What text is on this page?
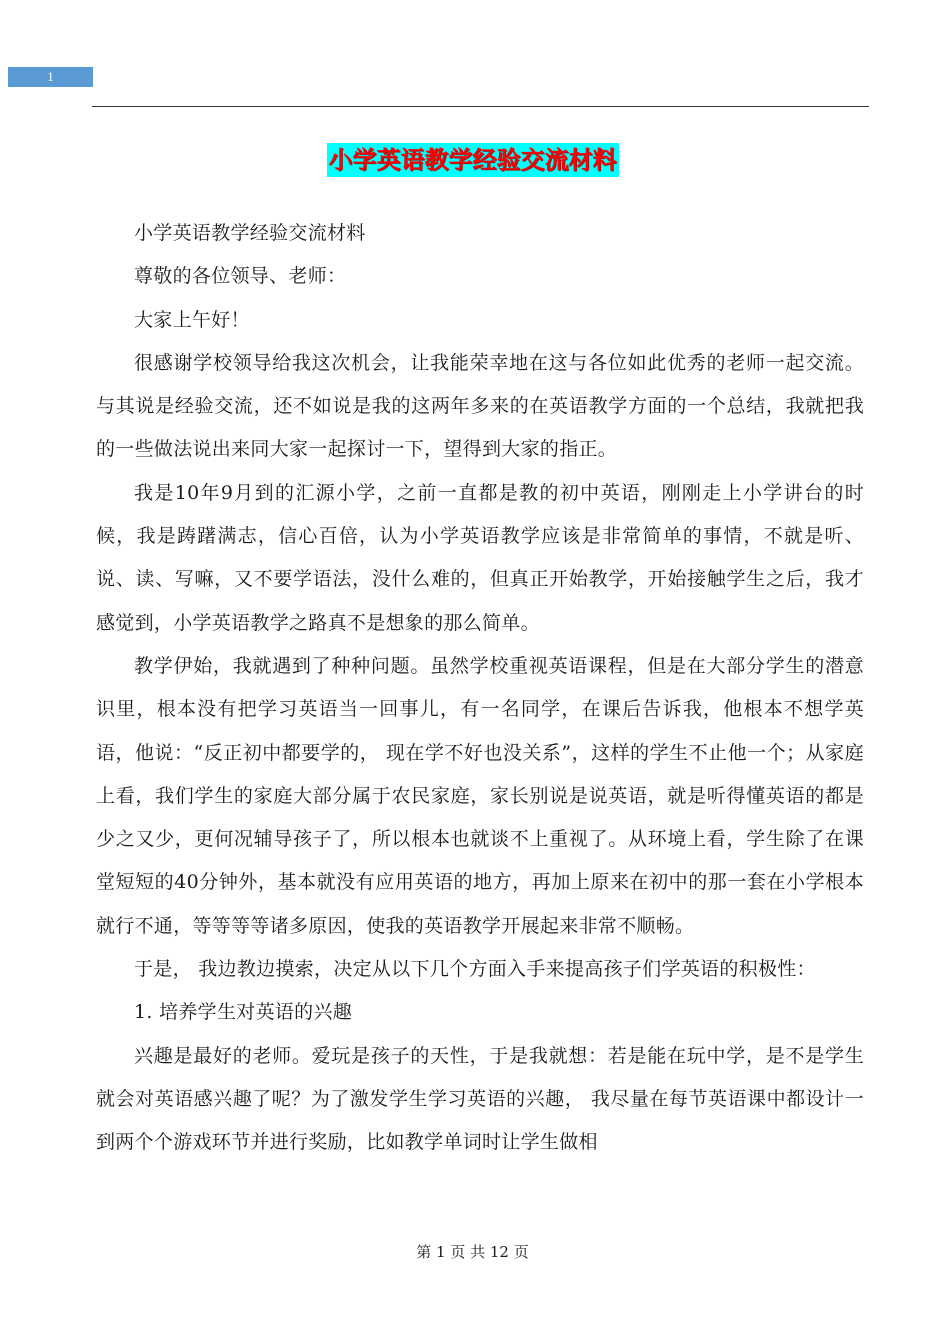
1
小学英语教学经验交流材料

小学英语教学经验交流材料

尊敬的各位领导、老师：

大家上午好！

很感谢学校领导给我这次机会，让我能荣幸地在这与各位如此优秀的老师一起交流。与其说是经验交流，还不如说是我的这两年多来的在英语教学方面的一个总结，我就把我的一些做法说出来同大家一起探讨一下，望得到大家的指正。

我是10年9月到的汇源小学，之前一直都是教的初中英语，刚刚走上小学讲台的时候，我是踌躇满志，信心百倍，认为小学英语教学应该是非常简单的事情，不就是听、说、读、写嘛，又不要学语法，没什么难的，但真正开始教学，开始接触学生之后，我才感觉到，小学英语教学之路真不是想象的那么简单。

教学伊始，我就遇到了种种问题。虽然学校重视英语课程，但是在大部分学生的潜意识里，根本没有把学习英语当一回事儿，有一名同学，在课后告诉我，他根本不想学英语，他说：“反正初中都要学的， 现在学不好也没关系”，这样的学生不止他一个；从家庭上看，我们学生的家庭大部分属于农民家庭，家长别说是说英语，就是听得懂英语的都是少之又少，更何况辅导孩子了，所以根本也就谈不上重视了。从环境上看，学生除了在课堂短短的40分钟外，基本就没有应用英语的地方，再加上原来在初中的那一套在小学根本就行不通，等等等等诸多原因，使我的英语教学开展起来非常不顺畅。

于是， 我边教边摸索，决定从以下几个方面入手来提高孩子们学英语的积极性：

1. 培养学生对英语的兴趣

兴趣是最好的老师。爱玩是孩子的天性，于是我就想：若是能在玩中学，是不是学生就会对英语感兴趣了呢？为了激发学生学习英语的兴趣， 我尽量在每节英语课中都设计一到两个个游戏环节并进行奖励，比如教学单词时让学生做相

第 1 页 共 12 页
